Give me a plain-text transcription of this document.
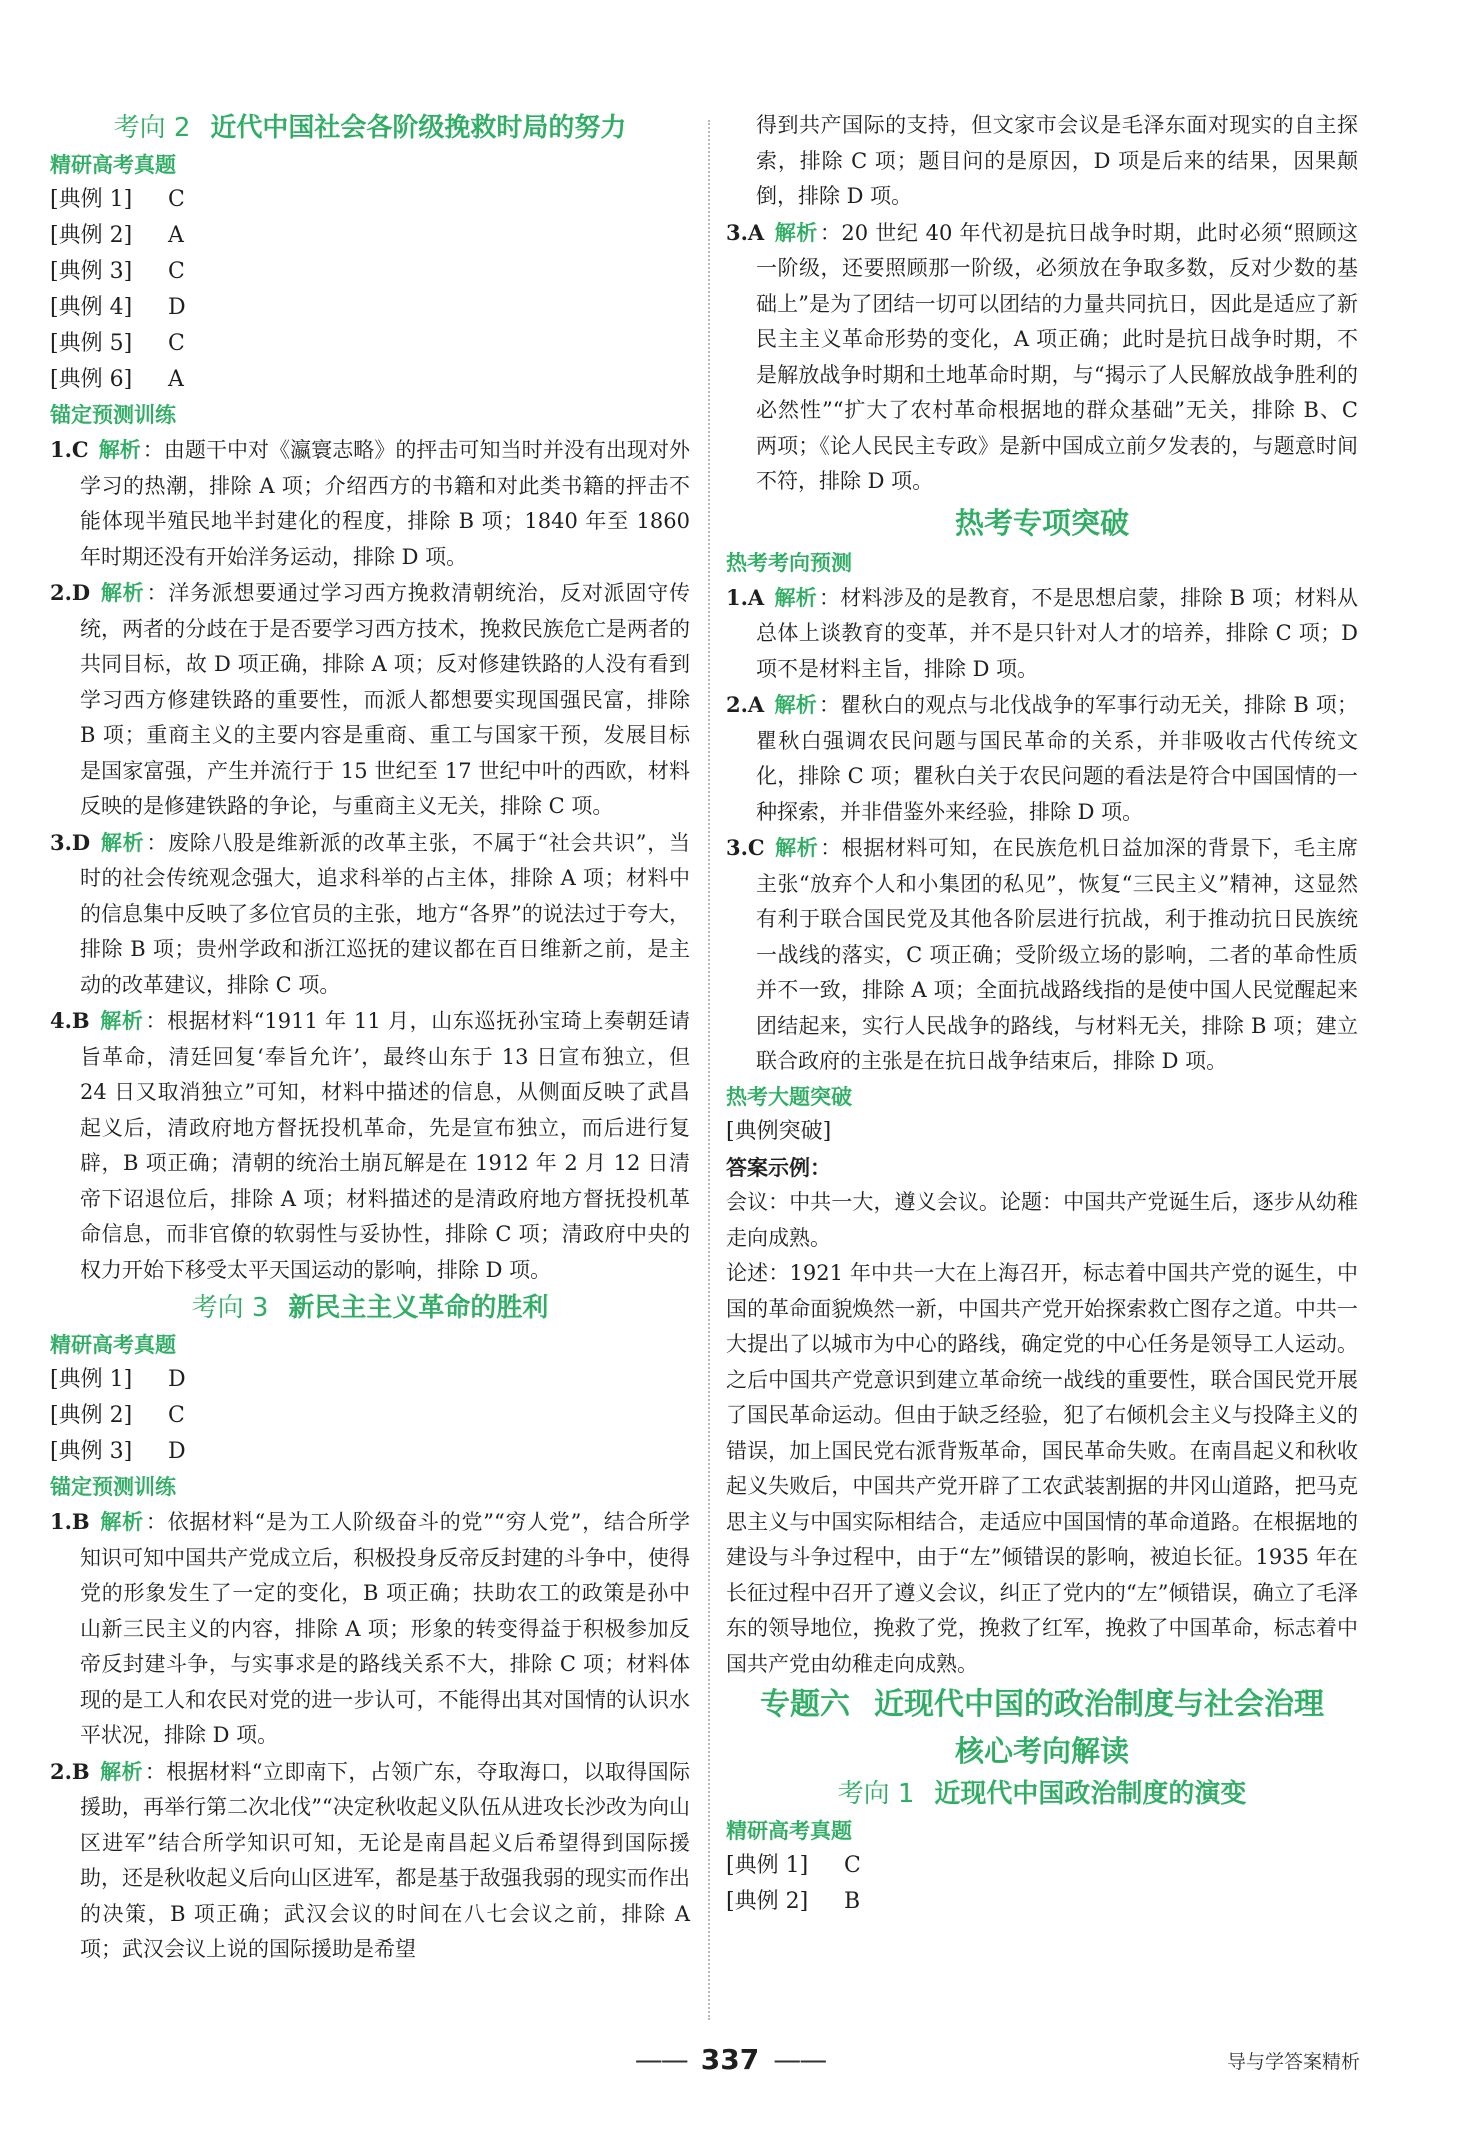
考向 2 近代中国社会各阶级挽救时局的努力
精研高考真题
[典例 1] C
[典例 2] A
[典例 3] C
[典例 4] D
[典例 5] C
[典例 6] A
锚定预测训练

1.C 解析：由题干中对《瀛寰志略》的抨击可知当时并没有出现对外学习的热潮，排除 A 项；介绍西方的书籍和对此类书籍的抨击不能体现半殖民地半封建化的程度，排除 B 项；1840 年至 1860 年时期还没有开始洋务运动，排除 D 项。

2.D 解析：洋务派想要通过学习西方挽救清朝统治，反对派固守传统，两者的分歧在于是否要学习西方技术，挽救民族危亡是两者的共同目标，故 D 项正确，排除 A 项；反对修建铁路的人没有看到学习西方修建铁路的重要性，而派人都想要实现国强民富，排除 B 项；重商主义的主要内容是重商、重工与国家干预，发展目标是国家富强，产生并流行于 15 世纪至 17 世纪中叶的西欧，材料反映的是修建铁路的争论，与重商主义无关，排除 C 项。

3.D 解析：废除八股是维新派的改革主张，不属于“社会共识”，当时的社会传统观念强大，追求科举的占主体，排除 A 项；材料中的信息集中反映了多位官员的主张，地方“各界”的说法过于夸大，排除 B 项；贵州学政和浙江巡抚的建议都在百日维新之前，是主动的改革建议，排除 C 项。

4.B 解析：根据材料“1911 年 11 月，山东巡抚孙宝琦上奏朝廷请旨革命，清廷回复‘奉旨允许’，最终山东于 13 日宣布独立，但 24 日又取消独立”可知，材料中描述的信息，从侧面反映了武昌起义后，清政府地方督抚投机革命，先是宣布独立，而后进行复辟，B 项正确；清朝的统治土崩瓦解是在 1912 年 2 月 12 日清帝下诏退位后，排除 A 项；材料描述的是清政府地方督抚投机革命信息，而非官僚的软弱性与妥协性，排除 C 项；清政府中央的权力开始下移受太平天国运动的影响，排除 D 项。

考向 3 新民主主义革命的胜利
精研高考真题
[典例 1] D
[典例 2] C
[典例 3] D
锚定预测训练

1.B 解析：依据材料“是为工人阶级奋斗的党”“穷人党”，结合所学知识可知中国共产党成立后，积极投身反帝反封建的斗争中，使得党的形象发生了一定的变化，B 项正确；扶助农工的政策是孙中山新三民主义的内容，排除 A 项；形象的转变得益于积极参加反帝反封建斗争，与实事求是的路线关系不大，排除 C 项；材料体现的是工人和农民对党的进一步认可，不能得出其对国情的认识水平状况，排除 D 项。

2.B 解析：根据材料“立即南下，占领广东，夺取海口，以取得国际援助，再举行第二次北伐”“决定秋收起义队伍从进攻长沙改为向山区进军”结合所学知识可知，无论是南昌起义后希望得到国际援助，还是秋收起义后向山区进军，都是基于敌强我弱的现实而作出的决策，B 项正确；武汉会议的时间在八七会议之前，排除 A 项；武汉会议上说的国际援助是希望

得到共产国际的支持，但文家市会议是毛泽东面对现实的自主探索，排除 C 项；题目问的是原因，D 项是后来的结果，因果颠倒，排除 D 项。

3.A 解析：20 世纪 40 年代初是抗日战争时期，此时必须“照顾这一阶级，还要照顾那一阶级，必须放在争取多数，反对少数的基础上”是为了团结一切可以团结的力量共同抗日，因此是适应了新民主主义革命形势的变化，A 项正确；此时是抗日战争时期，不是解放战争时期和土地革命时期，与“揭示了人民解放战争胜利的必然性”“扩大了农村革命根据地的群众基础”无关，排除 B、C 两项；《论人民民主专政》是新中国成立前夕发表的，与题意时间不符，排除 D 项。

热考专项突破
热考考向预测

1.A 解析：材料涉及的是教育，不是思想启蒙，排除 B 项；材料从总体上谈教育的变革，并不是只针对人才的培养，排除 C 项；D 项不是材料主旨，排除 D 项。

2.A 解析：瞿秋白的观点与北伐战争的军事行动无关，排除 B 项；瞿秋白强调农民问题与国民革命的关系，并非吸收古代传统文化，排除 C 项；瞿秋白关于农民问题的看法是符合中国国情的一种探索，并非借鉴外来经验，排除 D 项。

3.C 解析：根据材料可知，在民族危机日益加深的背景下，毛主席主张“放弃个人和小集团的私见”，恢复“三民主义”精神，这显然有利于联合国民党及其他各阶层进行抗战，利于推动抗日民族统一战线的落实，C 项正确；受阶级立场的影响，二者的革命性质并不一致，排除 A 项；全面抗战路线指的是使中国人民觉醒起来团结起来，实行人民战争的路线，与材料无关，排除 B 项；建立联合政府的主张是在抗日战争结束后，排除 D 项。

热考大题突破
[典例突破]

答案示例：

会议：中共一大，遵义会议。论题：中国共产党诞生后，逐步从幼稚走向成熟。

论述：1921 年中共一大在上海召开，标志着中国共产党的诞生，中国的革命面貌焕然一新，中国共产党开始探索救亡图存之道。中共一大提出了以城市为中心的路线，确定党的中心任务是领导工人运动。之后中国共产党意识到建立革命统一战线的重要性，联合国民党开展了国民革命运动。但由于缺乏经验，犯了右倾机会主义与投降主义的错误，加上国民党右派背叛革命，国民革命失败。在南昌起义和秋收起义失败后，中国共产党开辟了工农武装割据的井冈山道路，把马克思主义与中国实际相结合，走适应中国国情的革命道路。在根据地的建设与斗争过程中，由于“左”倾错误的影响，被迫长征。1935 年在长征过程中召开了遵义会议，纠正了党内的“左”倾错误，确立了毛泽东的领导地位，挽救了党，挽救了红军，挽救了中国革命，标志着中国共产党由幼稚走向成熟。

专题六 近现代中国的政治制度与社会治理
核心考向解读
考向 1 近现代中国政治制度的演变
精研高考真题
[典例 1] C
[典例 2] B
—— 337 ——	导与学答案精析
